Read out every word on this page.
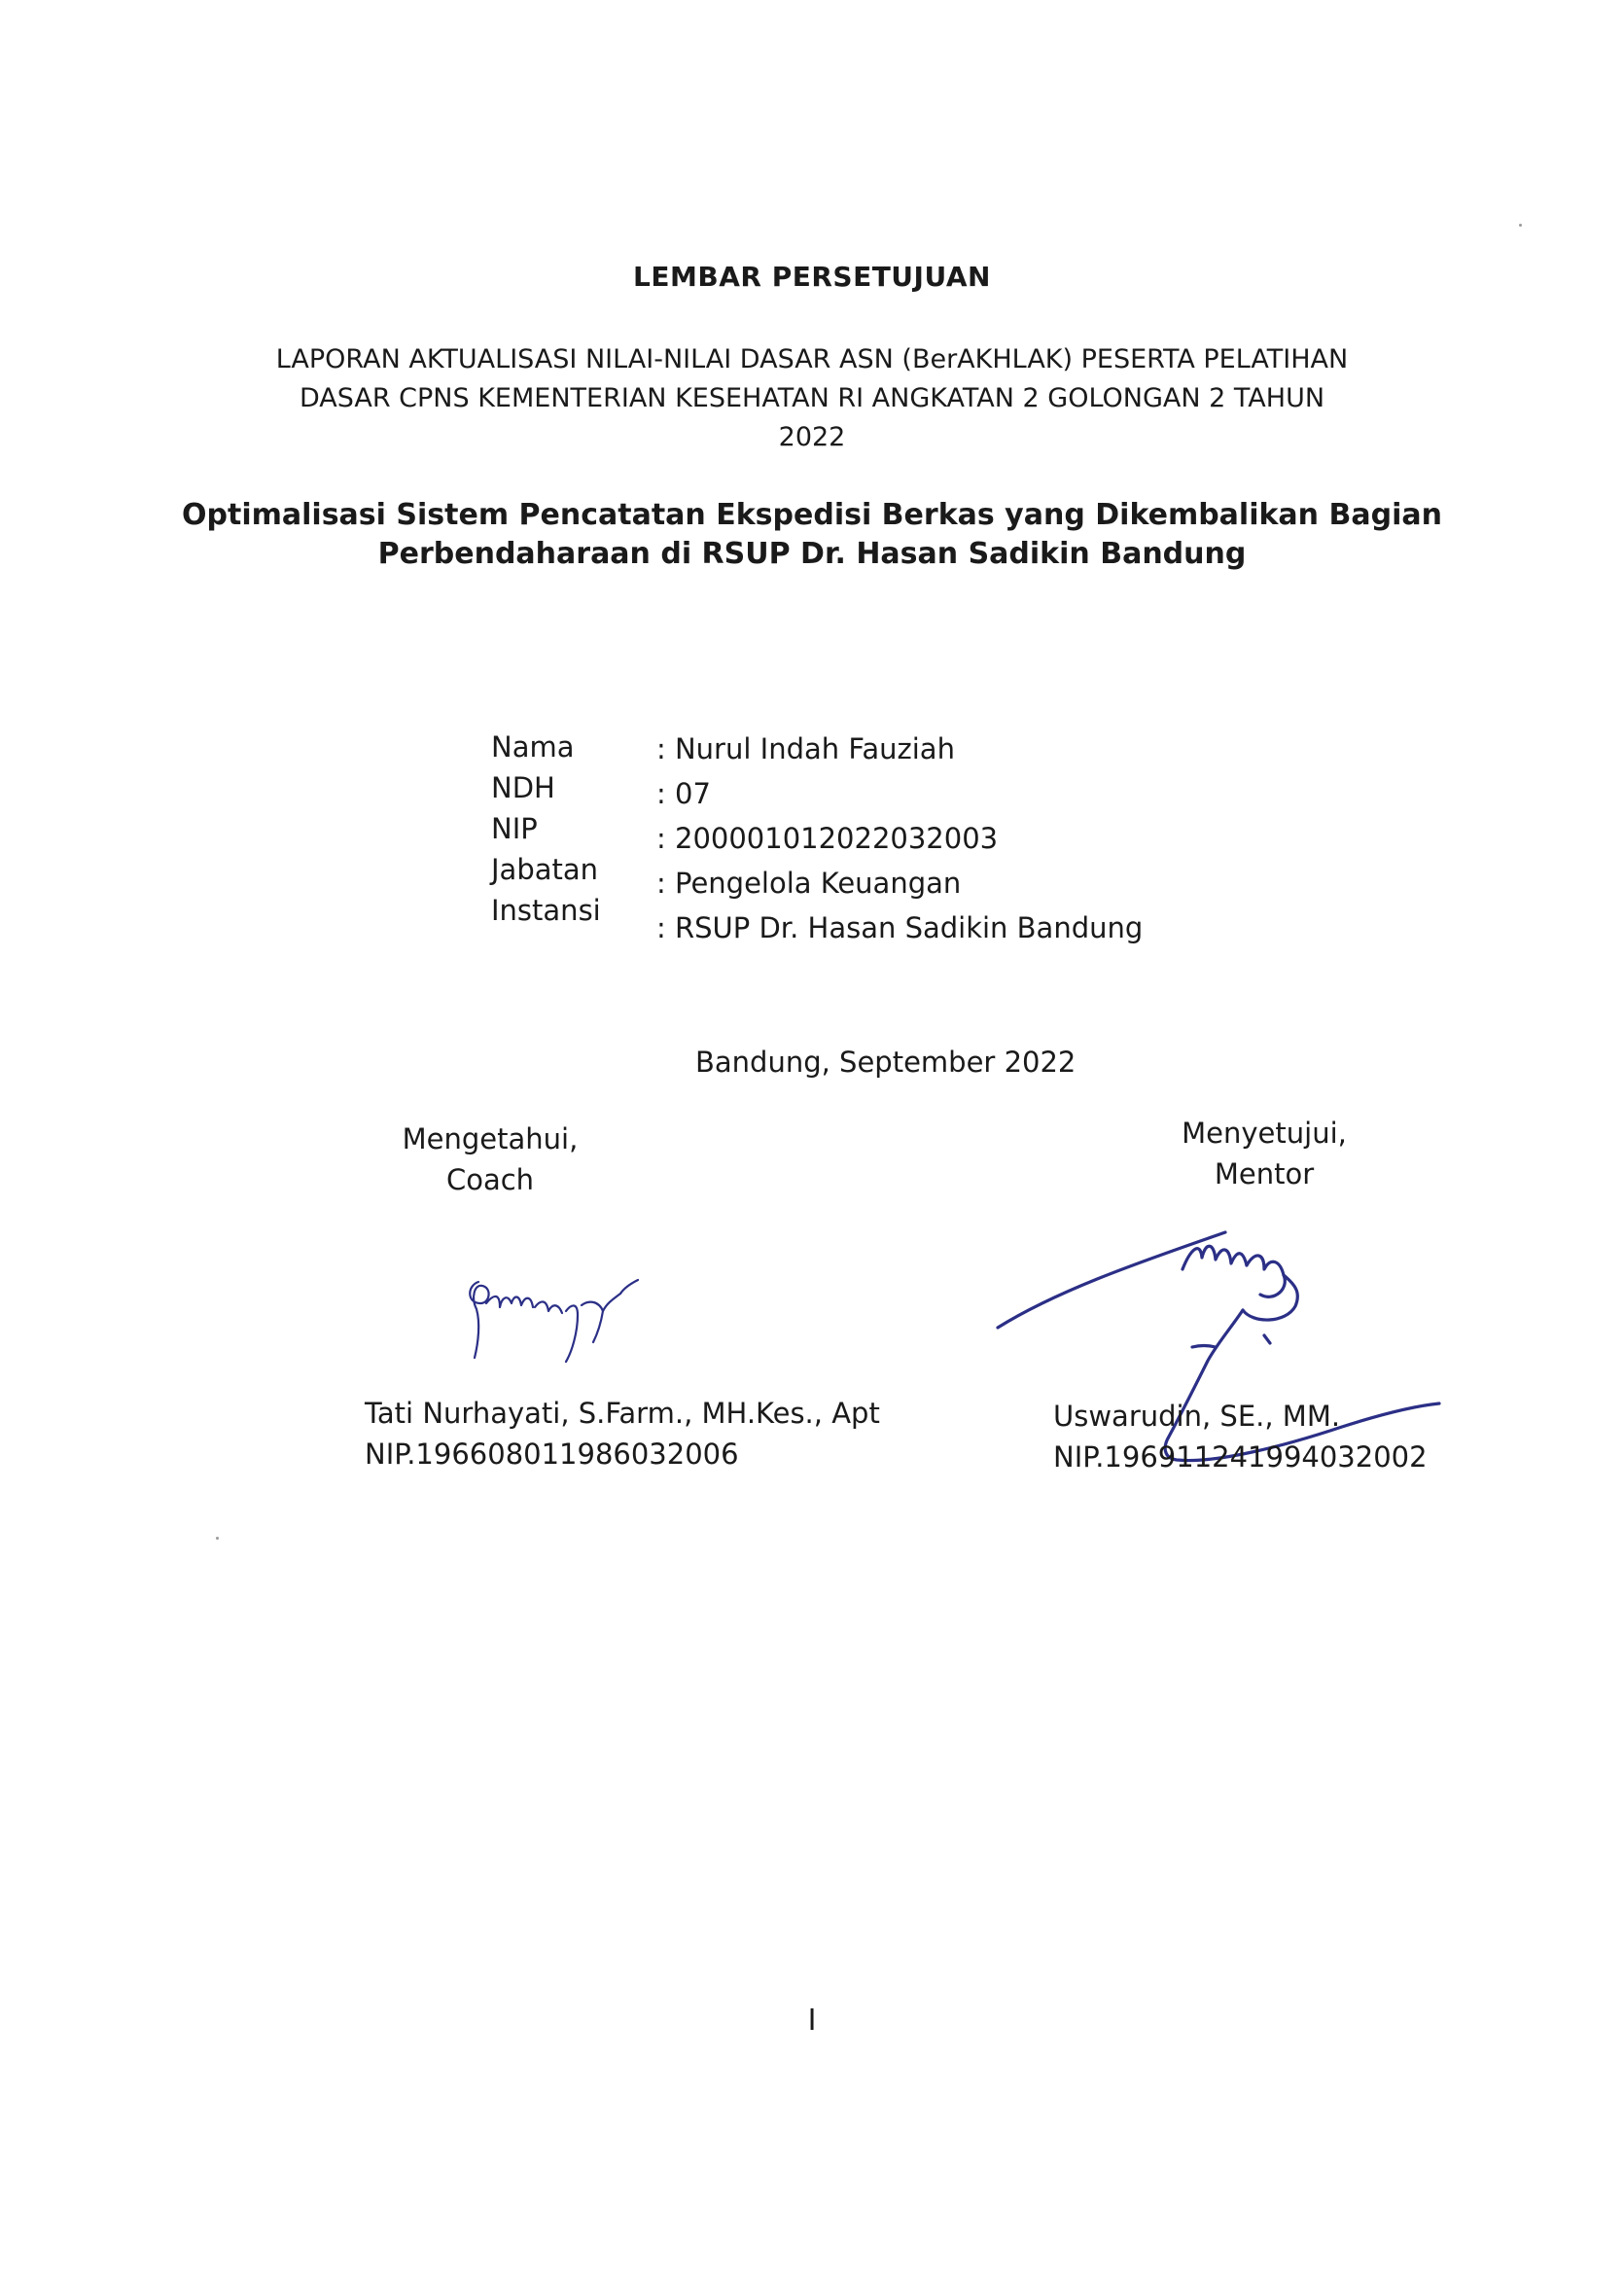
LEMBAR PERSETUJUAN
LAPORAN AKTUALISASI NILAI-NILAI DASAR ASN (BerAKHLAK) PESERTA PELATIHAN
DASAR CPNS KEMENTERIAN KESEHATAN RI ANGKATAN 2 GOLONGAN 2 TAHUN
2022
Optimalisasi Sistem Pencatatan Ekspedisi Berkas yang Dikembalikan Bagian
Perbendaharaan di RSUP Dr. Hasan Sadikin Bandung
Nama
NDH
NIP
Jabatan
Instansi
: Nurul Indah Fauziah
: 07
: 200001012022032003
: Pengelola Keuangan
: RSUP Dr. Hasan Sadikin Bandung
Bandung, September 2022
Mengetahui,
Coach
Menyetujui,
Mentor
Tati Nurhayati, S.Farm., MH.Kes., Apt
NIP.196608011986032006
Uswarudin, SE., MM.
NIP.196911241994032002
I
